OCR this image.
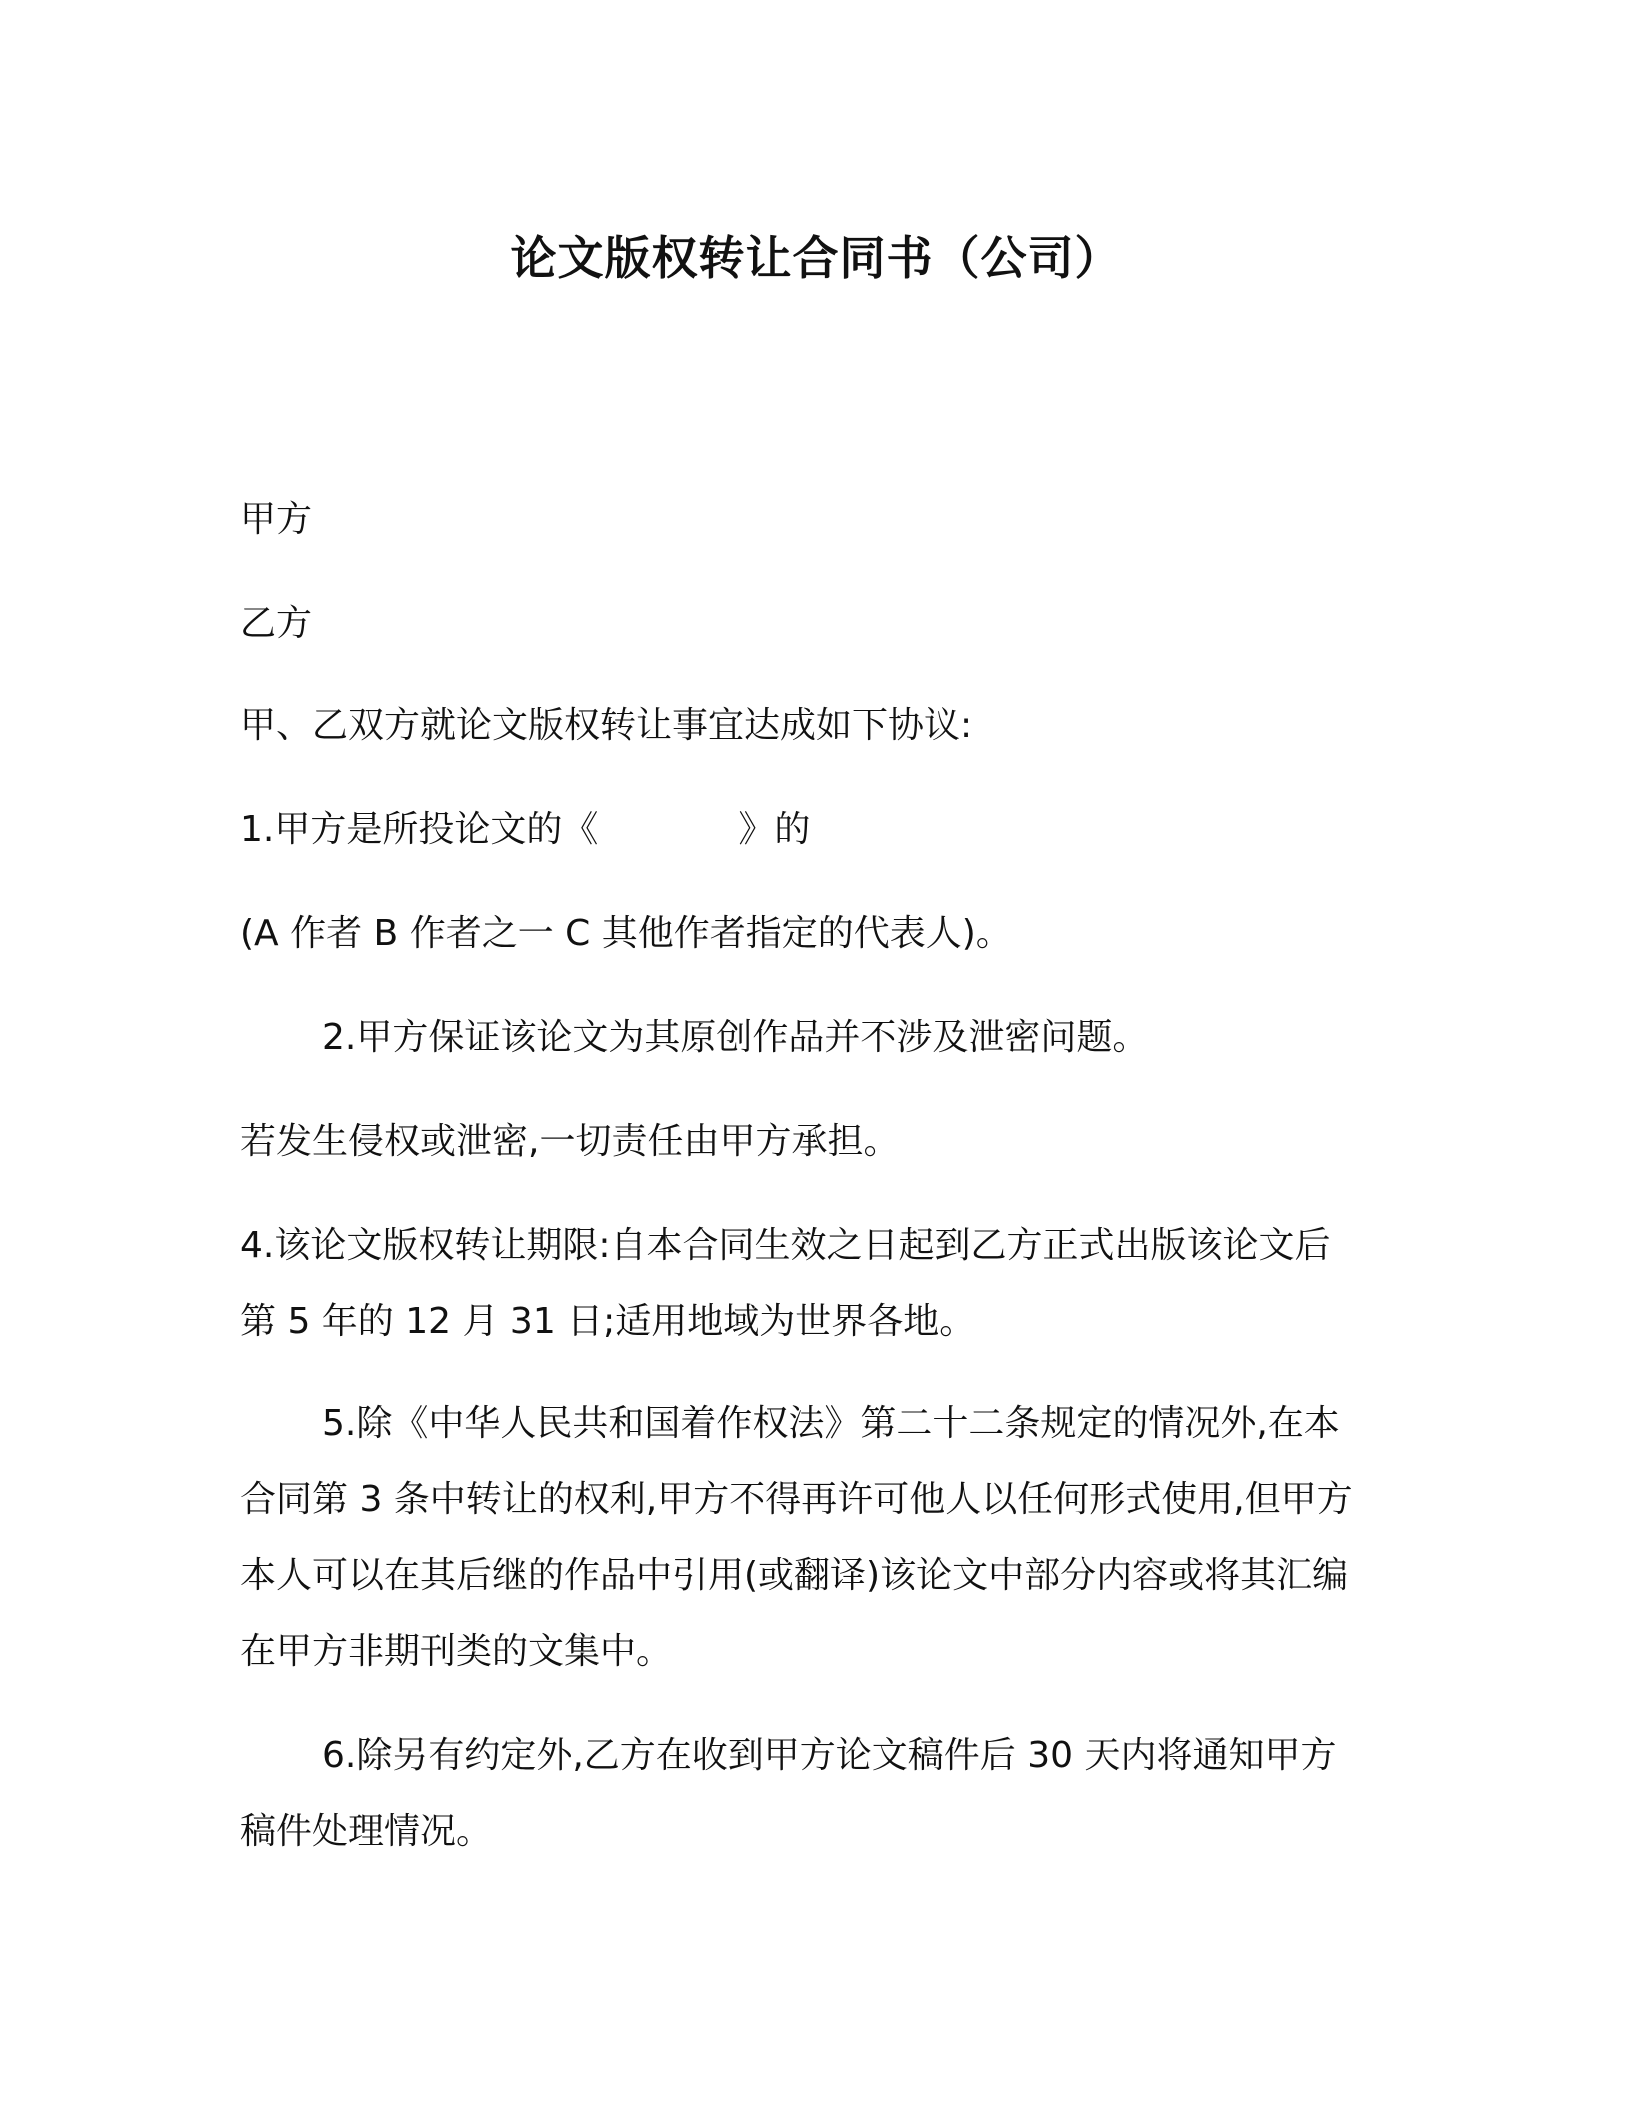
论文版权转让合同书（公司）
甲方
乙方
甲、乙双方就论文版权转让事宜达成如下协议:
1.甲方是所投论文的《	》的
(A 作者 B 作者之一 C 其他作者指定的代表人)。
2.甲方保证该论文为其原创作品并不涉及泄密问题。
若发生侵权或泄密,一切责任由甲方承担。
4.该论文版权转让期限:自本合同生效之日起到乙方正式出版该论文后
第 5 年的 12 月 31 日;适用地域为世界各地。
5.除《中华人民共和国着作权法》第二十二条规定的情况外,在本
合同第 3 条中转让的权利,甲方不得再许可他人以任何形式使用,但甲方
本人可以在其后继的作品中引用(或翻译)该论文中部分内容或将其汇编
在甲方非期刊类的文集中。
6.除另有约定外,乙方在收到甲方论文稿件后 30 天内将通知甲方
稿件处理情况。
